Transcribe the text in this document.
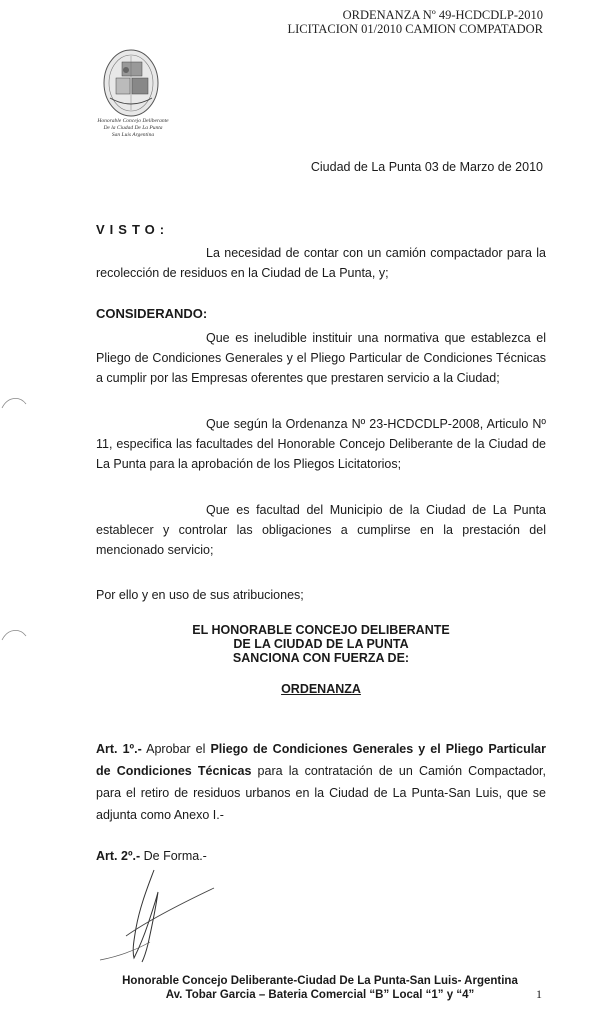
ORDENANZA Nº 49-HCDCDLP-2010
LICITACION 01/2010 CAMION COMPATADOR
Honorable Concejo Deliberante
De la Ciudad De La Punta
San Luis Argentina
Ciudad de La Punta 03 de Marzo de 2010
VISTO:
La necesidad de contar con un camión compactador para la recolección de residuos en la Ciudad de La Punta, y;
CONSIDERANDO:
Que es ineludible instituir una normativa que establezca el Pliego de Condiciones Generales y el Pliego Particular de Condiciones Técnicas a cumplir por las Empresas oferentes que prestaren servicio a la Ciudad;
Que según la Ordenanza Nº 23-HCDCDLP-2008, Articulo Nº 11, especifica las facultades del Honorable Concejo Deliberante de la Ciudad de La Punta para la aprobación de los Pliegos Licitatorios;
Que es facultad del Municipio de la Ciudad de La Punta establecer y controlar las obligaciones a cumplirse en la prestación del mencionado servicio;
Por ello y en uso de sus atribuciones;
EL HONORABLE CONCEJO DELIBERANTE
DE LA CIUDAD DE LA PUNTA
SANCIONA CON FUERZA DE:
ORDENANZA
Art. 1º.- Aprobar el Pliego de Condiciones Generales y el Pliego Particular de Condiciones Técnicas para la contratación de un Camión Compactador, para el retiro de residuos urbanos en la Ciudad de La Punta-San Luis, que se adjunta como Anexo I.-
Art. 2º.- De Forma.-
Honorable Concejo Deliberante-Ciudad De La Punta-San Luis- Argentina
Av. Tobar Garcia – Bateria Comercial “B” Local “1” y “4”	1
